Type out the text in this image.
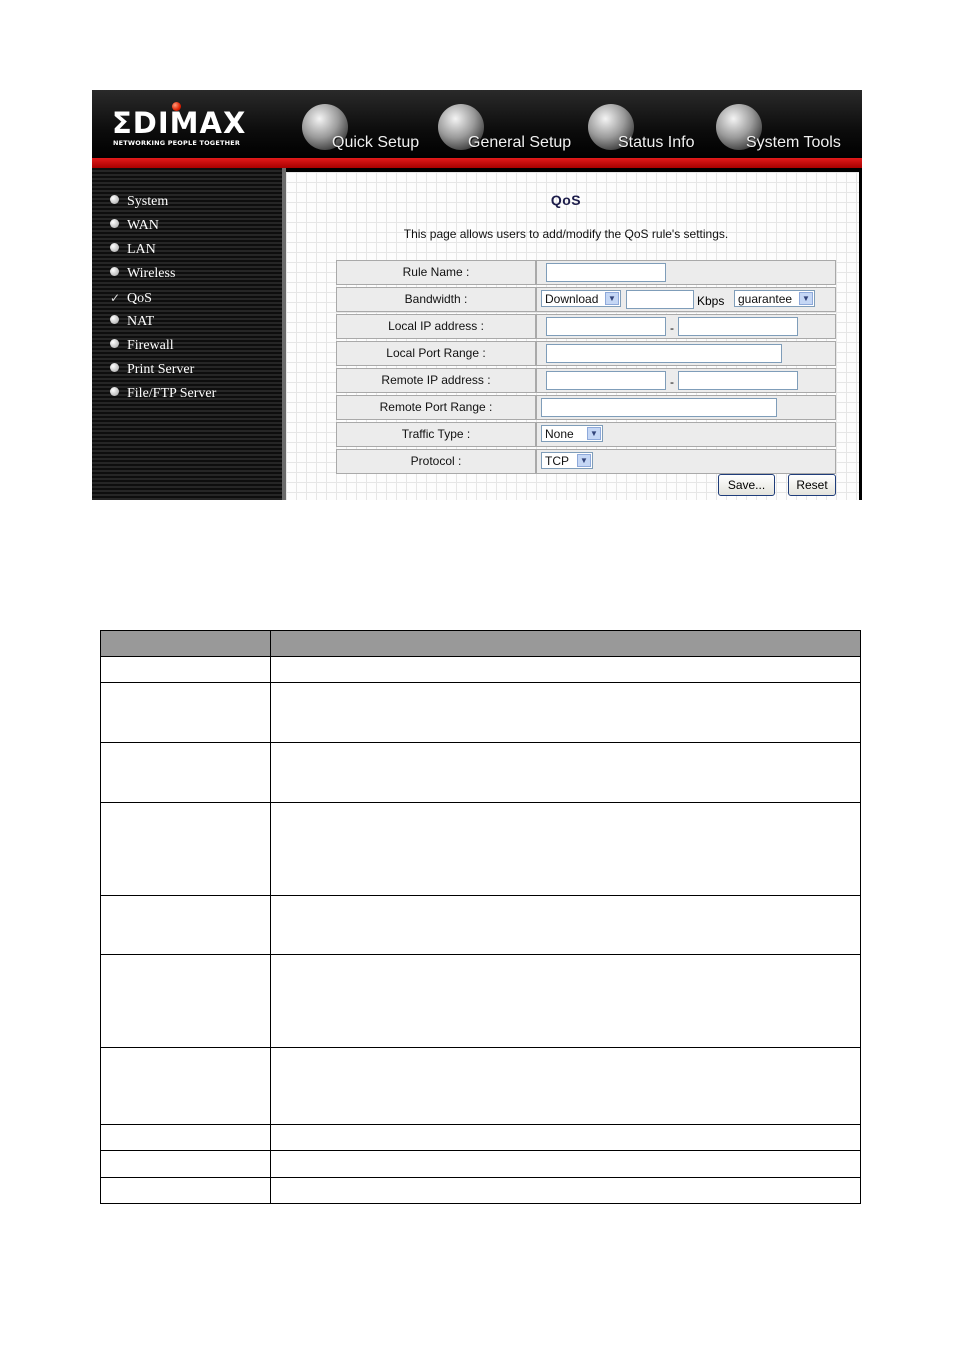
ΣDIMAX
NETWORKING PEOPLE TOGETHER	Quick Setup	General Setup	Status Info	System Tools
System
WAN
LAN
Wireless
✓ QoS
NAT
Firewall
Print Server
File/FTP Server
QoS
This page allows users to add/modify the QoS rule's settings.
Rule Name :
Bandwidth :	Download	▼	Kbps	guarantee	▼
Local IP address :	-
Local Port Range :
Remote IP address :	-
Remote Port Range :
Traffic Type :	None	▼
Protocol :	TCP	▼
Save...	Reset
